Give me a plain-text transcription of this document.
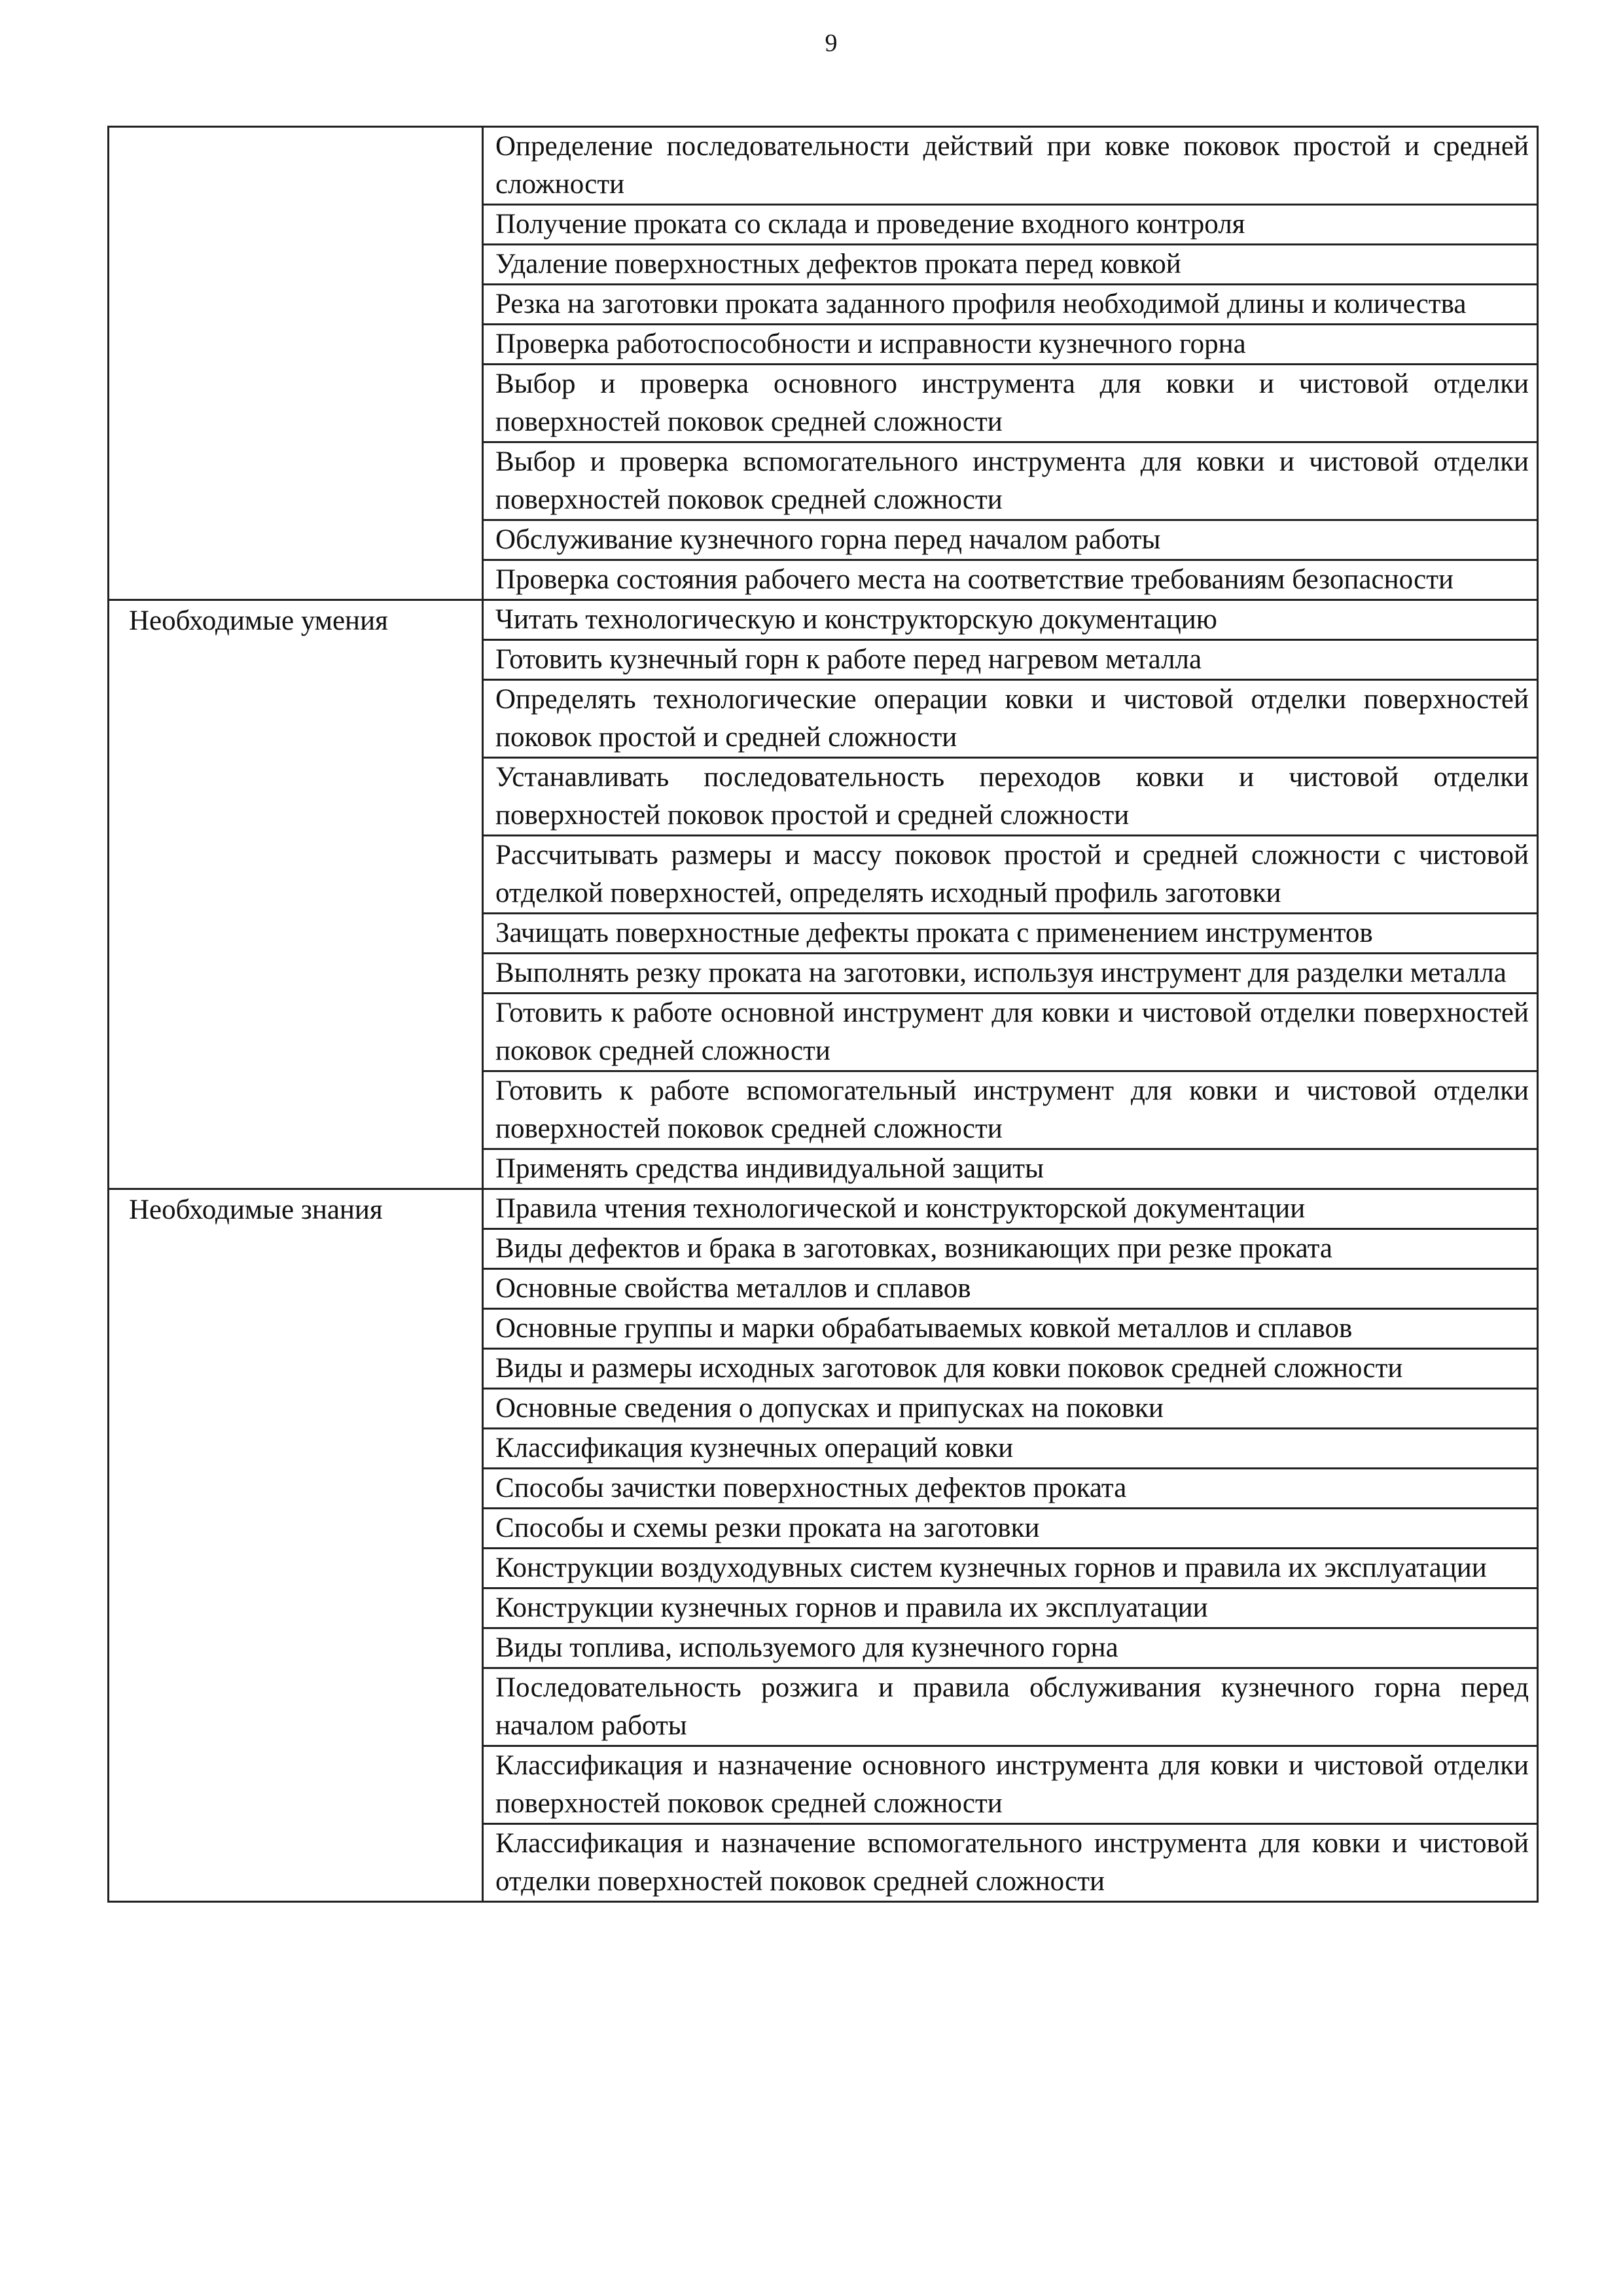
9
	Определение последовательности действий при ковке поковок простой и средней сложности
	Получение проката со склада и проведение входного контроля
	Удаление поверхностных дефектов проката перед ковкой
	Резка на заготовки проката заданного профиля необходимой длины и количества
	Проверка работоспособности и исправности кузнечного горна
	Выбор и проверка основного инструмента для ковки и чистовой отделки поверхностей поковок средней сложности
	Выбор и проверка вспомогательного инструмента для ковки и чистовой отделки поверхностей поковок средней сложности
	Обслуживание кузнечного горна перед началом работы
	Проверка состояния рабочего места на соответствие требованиям безопасности
Необходимые умения	Читать технологическую и конструкторскую документацию
	Готовить кузнечный горн к работе перед нагревом металла
	Определять технологические операции ковки и чистовой отделки поверхностей поковок простой и средней сложности
	Устанавливать последовательность переходов ковки и чистовой отделки поверхностей поковок простой и средней сложности
	Рассчитывать размеры и массу поковок простой и средней сложности с чистовой отделкой поверхностей, определять исходный профиль заготовки
	Зачищать поверхностные дефекты проката с применением инструментов
	Выполнять резку проката на заготовки, используя инструмент для разделки металла
	Готовить к работе основной инструмент для ковки и чистовой отделки поверхностей поковок средней сложности
	Готовить к работе вспомогательный инструмент для ковки и чистовой отделки поверхностей поковок средней сложности
	Применять средства индивидуальной защиты
Необходимые знания	Правила чтения технологической и конструкторской документации
	Виды дефектов и брака в заготовках, возникающих при резке проката
	Основные свойства металлов и сплавов
	Основные группы и марки обрабатываемых ковкой металлов и сплавов
	Виды и размеры исходных заготовок для ковки поковок средней сложности
	Основные сведения о допусках и припусках на поковки
	Классификация кузнечных операций ковки
	Способы зачистки поверхностных дефектов проката
	Способы и схемы резки проката на заготовки
	Конструкции воздуходувных систем кузнечных горнов и правила их эксплуатации
	Конструкции кузнечных горнов и правила их эксплуатации
	Виды топлива, используемого для кузнечного горна
	Последовательность розжига и правила обслуживания кузнечного горна перед началом работы
	Классификация и назначение основного инструмента для ковки и чистовой отделки поверхностей поковок средней сложности
	Классификация и назначение вспомогательного инструмента для ковки и чистовой отделки поверхностей поковок средней сложности
